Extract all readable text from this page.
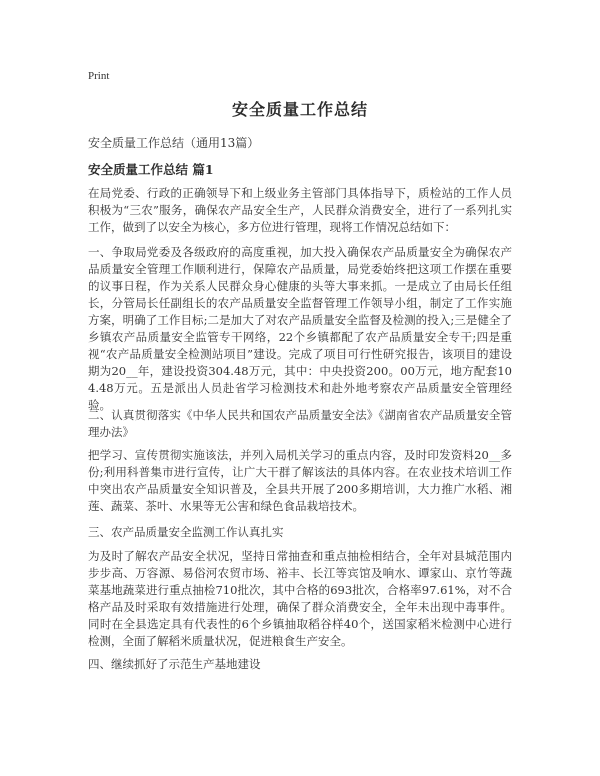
Print
安全质量工作总结

安全质量工作总结（通用13篇）

安全质量工作总结 篇1

在局党委、行政的正确领导下和上级业务主管部门具体指导下，质检站的工作人员积极为“三农”服务，确保农产品安全生产，人民群众消费安全，进行了一系列扎实工作，做到了以安全为核心，多方位进行管理，现将工作情况总结如下：

一、争取局党委及各级政府的高度重视，加大投入确保农产品质量安全为确保农产品质量安全管理工作顺利进行，保障农产品质量，局党委始终把这项工作摆在重要的议事日程，作为关系人民群众身心健康的头等大事来抓。一是成立了由局长任组长，分管局长任副组长的农产品质量安全监督管理工作领导小组，制定了工作实施方案，明确了工作目标;二是加大了对农产品质量安全监督及检测的投入;三是健全了乡镇农产品质量安全监管专干网络，22个乡镇都配了农产品质量安全专干;四是重视“农产品质量安全检测站项目”建设。完成了项目可行性研究报告，该项目的建设期为20__年，建设投资304.48万元，其中：中央投资200。00万元，地方配套104.48万元。五是派出人员赴省学习检测技术和赴外地考察农产品质量安全管理经验。

二、认真贯彻落实《中华人民共和国农产品质量安全法》《湖南省农产品质量安全管理办法》

把学习、宣传贯彻实施该法，并列入局机关学习的重点内容，及时印发资料20__多份;利用科普集市进行宣传，让广大干群了解该法的具体内容。在农业技术培训工作中突出农产品质量安全知识普及，全县共开展了200多期培训，大力推广水稻、湘莲、蔬菜、茶叶、水果等无公害和绿色食品栽培技术。

三、农产品质量安全监测工作认真扎实

为及时了解农产品安全状况，坚持日常抽查和重点抽检相结合，全年对县城范围内步步高、万容源、易俗河农贸市场、裕丰、长江等宾馆及响水、谭家山、京竹等蔬菜基地蔬菜进行重点抽检710批次，其中合格的693批次，合格率97.61%，对不合格产品及时采取有效措施进行处理，确保了群众消费安全，全年未出现中毒事件。同时在全县选定具有代表性的6个乡镇抽取稻谷样40个，送国家稻米检测中心进行检测，全面了解稻米质量状况，促进粮食生产安全。

四、继续抓好了示范生产基地建设
